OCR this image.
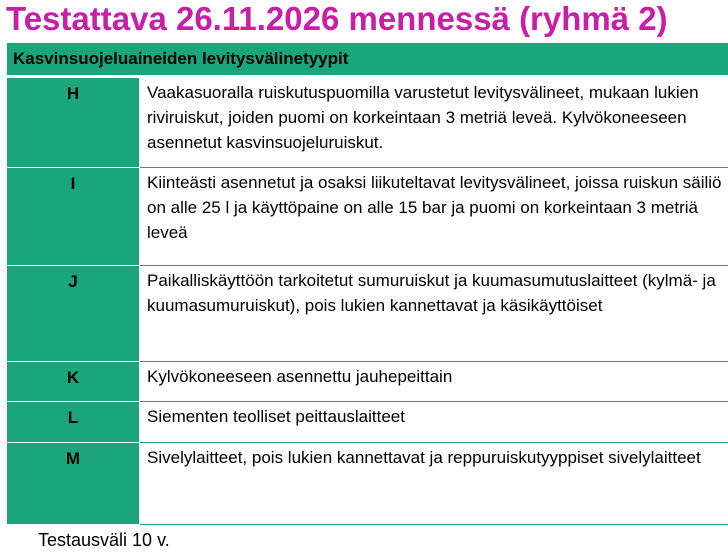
Testattava 26.11.2026 mennessä (ryhmä 2)
Kasvinsuojeluaineiden levitysvälinetyypit	
H	Vaakasuoralla ruiskutuspuomilla varustetut levitysvälineet, mukaan lukien riviruiskut, joiden puomi on korkeintaan 3 metriä leveä. Kylvökoneeseen asennetut kasvinsuojeluruiskut.
I	Kiinteästi asennetut ja osaksi liikuteltavat levitysvälineet, joissa ruiskun säiliö on alle 25 l ja käyttöpaine on alle 15 bar ja puomi on korkeintaan 3 metriä leveä
J	Paikalliskäyttöön tarkoitetut sumuruiskut ja kuumasumutuslaitteet (kylmä- ja kuumasumuruiskut), pois lukien kannettavat ja käsikäyttöiset
K	Kylvökoneeseen asennettu jauhepeittain
L	Siementen teolliset peittauslaitteet
M	Sivelylaitteet, pois lukien kannettavat ja reppuruiskutyyppiset sivelylaitteet
Testausväli 10 v.
